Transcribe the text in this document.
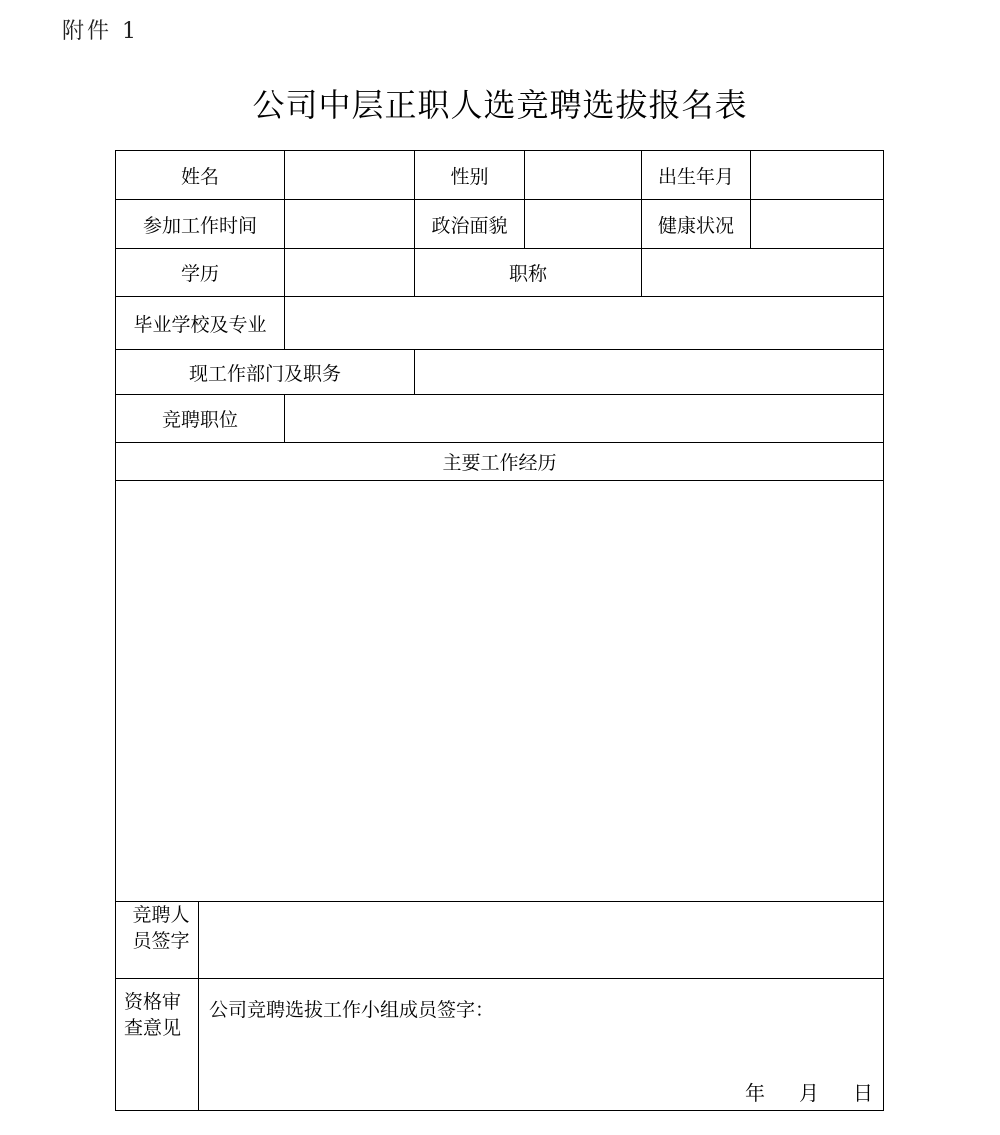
附件 1
公司中层正职人选竞聘选拔报名表
姓名	性别	出生年月
参加工作时间	政治面貌	健康状况
学历	职称
毕业学校及专业
现工作部门及职务
竞聘职位
主要工作经历
竞聘人
员签字
资格审
查意见
公司竞聘选拔工作小组成员签字：
年 月 日
